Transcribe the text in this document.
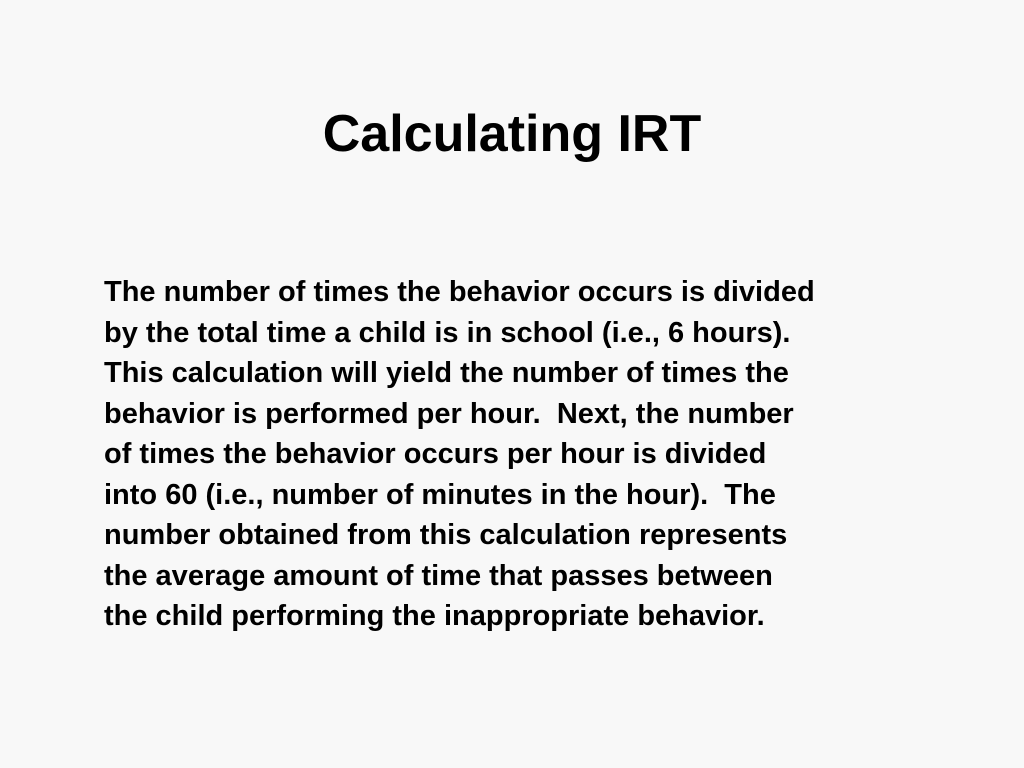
Calculating IRT
The number of times the behavior occurs is divided
by the total time a child is in school (i.e., 6 hours).
This calculation will yield the number of times the
behavior is performed per hour.  Next, the number
of times the behavior occurs per hour is divided
into 60 (i.e., number of minutes in the hour).  The
number obtained from this calculation represents
the average amount of time that passes between
the child performing the inappropriate behavior.
